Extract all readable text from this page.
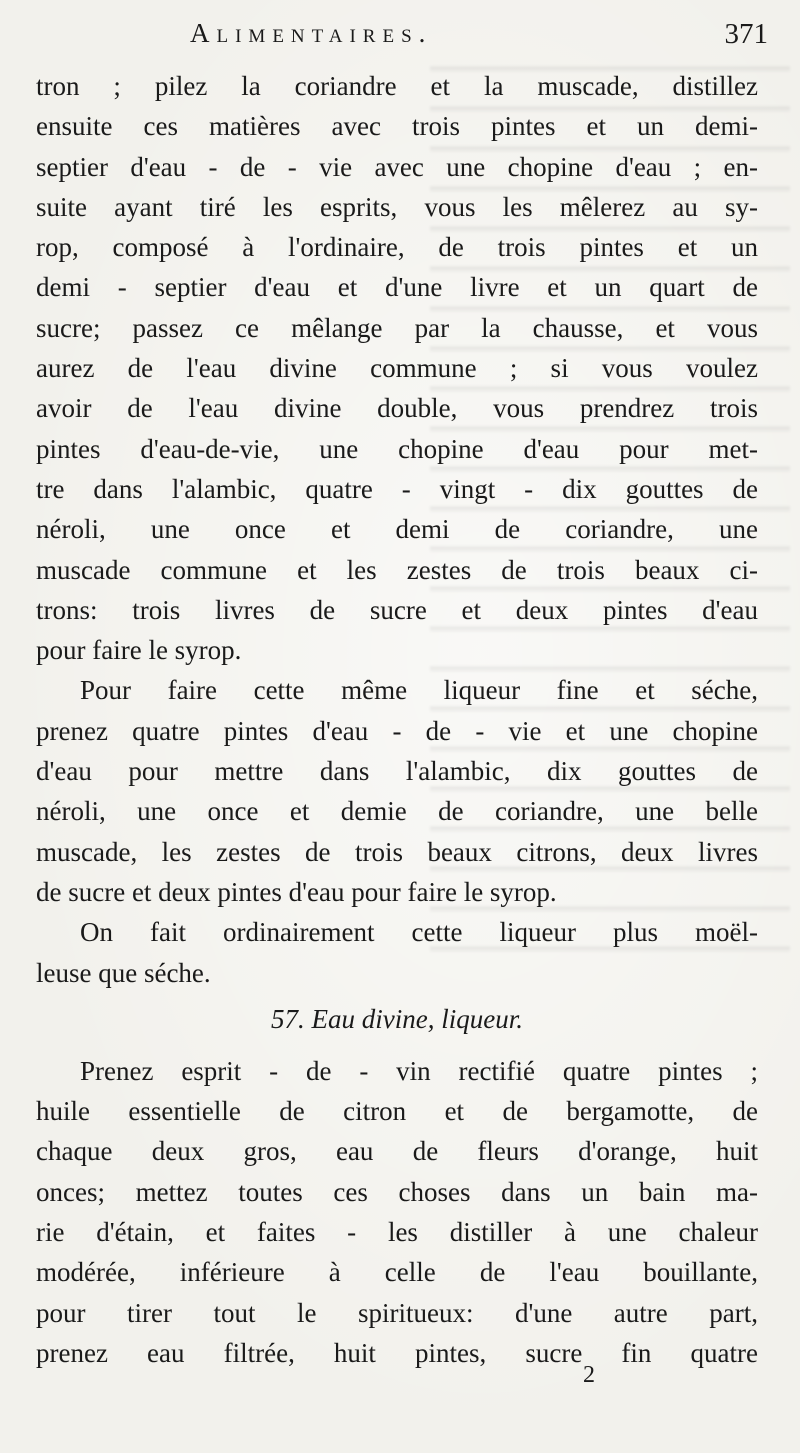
Alimentaires.	371
tron ; pilez la coriandre et la muscade, distillez
ensuite ces matières avec trois pintes et un demi-
septier d'eau - de - vie avec une chopine d'eau ; en-
suite ayant tiré les esprits, vous les mêlerez au sy-
rop, composé à l'ordinaire, de trois pintes et un
demi - septier d'eau et d'une livre et un quart de
sucre; passez ce mêlange par la chausse, et vous
aurez de l'eau divine commune ; si vous voulez
avoir de l'eau divine double, vous prendrez trois
pintes d'eau-de-vie, une chopine d'eau pour met-
tre dans l'alambic, quatre - vingt - dix gouttes de
néroli, une once et demi de coriandre, une
muscade commune et les zestes de trois beaux ci-
trons: trois livres de sucre et deux pintes d'eau
pour faire le syrop.
Pour faire cette même liqueur fine et séche,
prenez quatre pintes d'eau - de - vie et une chopine
d'eau pour mettre dans l'alambic, dix gouttes de
néroli, une once et demie de coriandre, une belle
muscade, les zestes de trois beaux citrons, deux livres
de sucre et deux pintes d'eau pour faire le syrop.
On fait ordinairement cette liqueur plus moël-
leuse que séche.
57. Eau divine, liqueur.
Prenez esprit - de - vin rectifié quatre pintes ;
huile essentielle de citron et de bergamotte, de
chaque deux gros, eau de fleurs d'orange, huit
onces; mettez toutes ces choses dans un bain ma-
rie d'étain, et faites - les distiller à une chaleur
modérée, inférieure à celle de l'eau bouillante,
pour tirer tout le spiritueux: d'une autre part,
prenez eau filtrée, huit pintes, sucre fin quatre
2
